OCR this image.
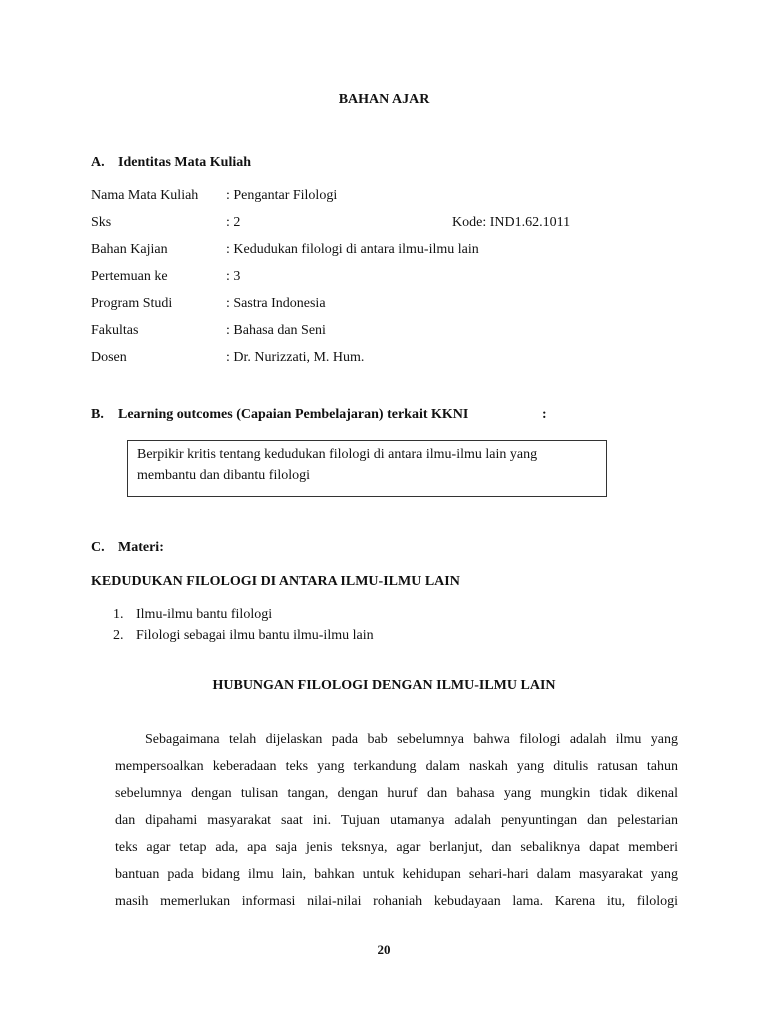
BAHAN AJAR
A. Identitas Mata Kuliah
Nama Mata Kuliah : Pengantar Filologi
Sks	: 2	Kode: IND1.62.1011
Bahan Kajian	: Kedudukan filologi di antara ilmu-ilmu lain
Pertemuan ke	: 3
Program Studi	: Sastra Indonesia
Fakultas	: Bahasa dan Seni
Dosen	: Dr. Nurizzati, M. Hum.
B. Learning outcomes (Capaian Pembelajaran) terkait KKNI	:
Berpikir kritis tentang kedudukan filologi di antara ilmu-ilmu lain yang
membantu dan dibantu filologi
C. Materi:
KEDUDUKAN FILOLOGI DI ANTARA ILMU-ILMU LAIN
1. Ilmu-ilmu bantu filologi
2. Filologi sebagai ilmu bantu ilmu-ilmu lain
HUBUNGAN FILOLOGI DENGAN ILMU-ILMU LAIN
Sebagaimana telah dijelaskan pada bab sebelumnya bahwa filologi adalah ilmu yang
mempersoalkan keberadaan teks yang terkandung dalam naskah yang ditulis ratusan tahun
sebelumnya dengan tulisan tangan, dengan huruf dan bahasa yang mungkin tidak dikenal
dan dipahami masyarakat saat ini. Tujuan utamanya adalah penyuntingan dan pelestarian
teks agar tetap ada, apa saja jenis teksnya, agar berlanjut, dan sebaliknya dapat memberi
bantuan pada bidang ilmu lain, bahkan untuk kehidupan sehari-hari dalam masyarakat yang
masih memerlukan informasi nilai-nilai rohaniah kebudayaan lama. Karena itu, filologi
20
